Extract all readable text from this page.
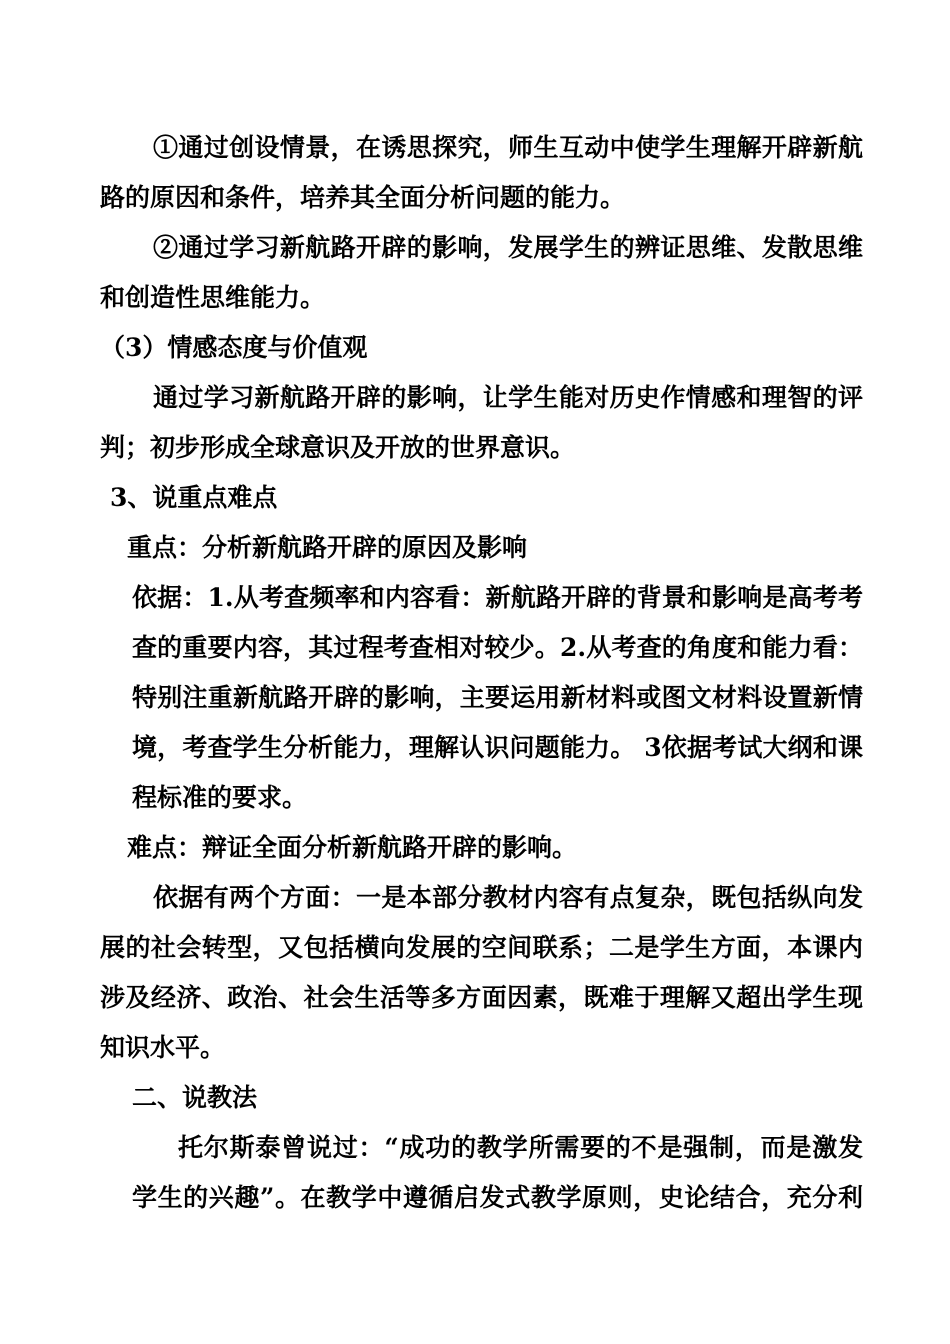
①通过创设情景，在诱思探究，师生互动中使学生理解开辟新航
路的原因和条件，培养其全面分析问题的能力。
②通过学习新航路开辟的影响，发展学生的辨证思维、发散思维
和创造性思维能力。
（3）情感态度与价值观
通过学习新航路开辟的影响，让学生能对历史作情感和理智的评
判；初步形成全球意识及开放的世界意识。
3、说重点难点
重点：分析新航路开辟的原因及影响
依据：1.从考查频率和内容看：新航路开辟的背景和影响是高考考
查的重要内容，其过程考查相对较少。2.从考查的角度和能力看：
特别注重新航路开辟的影响，主要运用新材料或图文材料设置新情
境，考查学生分析能力，理解认识问题能力。 3依据考试大纲和课
程标准的要求。
难点：辩证全面分析新航路开辟的影响。
依据有两个方面：一是本部分教材内容有点复杂，既包括纵向发
展的社会转型，又包括横向发展的空间联系；二是学生方面，本课内
涉及经济、政治、社会生活等多方面因素，既难于理解又超出学生现
知识水平。
二、说教法
托尔斯泰曾说过：“成功的教学所需要的不是强制，而是激发
学生的兴趣”。在教学中遵循启发式教学原则，史论结合，充分利
